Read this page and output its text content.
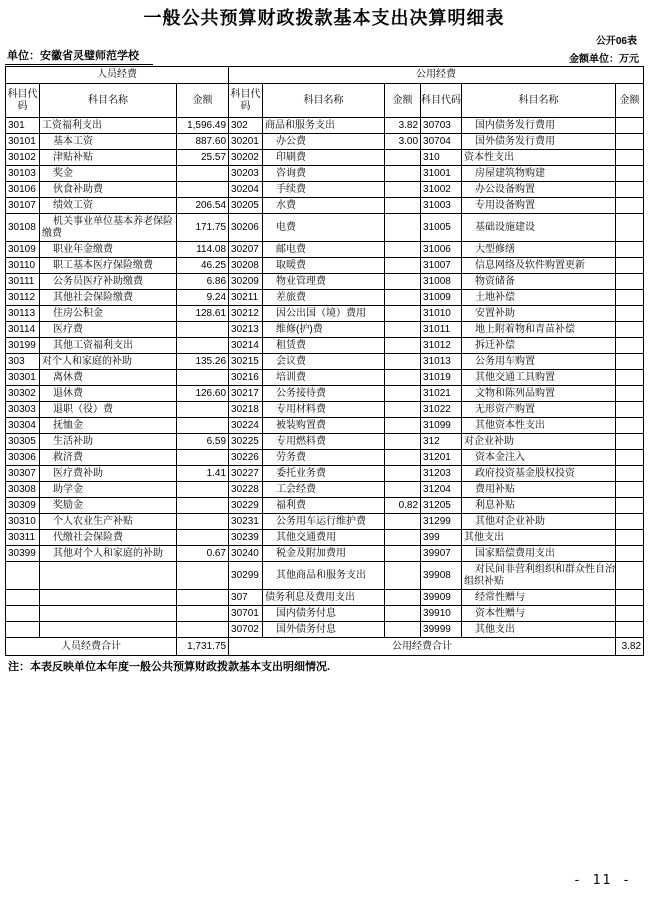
一般公共预算财政拨款基本支出决算明细表
公开06表
单位：安徽省灵璧师范学校	金额单位：万元
人员经费			公用经费					
科目代码	科目名称	金额	科目代码	科目名称	金额	科目代码	科目名称	金额
301	工资福利支出	1,596.49	302	商品和服务支出	3.82	30703	国内债务发行费用	
30101	基本工资	887.60	30201	办公费	3.00	30704	国外债务发行费用	
30102	津贴补贴	25.57	30202	印刷费		310	资本性支出	
30103	奖金		30203	咨询费		31001	房屋建筑物购建	
30106	伙食补助费		30204	手续费		31002	办公设备购置	
30107	绩效工资	206.54	30205	水费		31003	专用设备购置	
30108	机关事业单位基本养老保险缴费	171.75	30206	电费		31005	基础设施建设	
30109	职业年金缴费	114.08	30207	邮电费		31006	大型修缮	
30110	职工基本医疗保险缴费	46.25	30208	取暖费		31007	信息网络及软件购置更新	
30111	公务员医疗补助缴费	6.86	30209	物业管理费		31008	物资储备	
30112	其他社会保险缴费	9.24	30211	差旅费		31009	土地补偿	
30113	住房公积金	128.61	30212	因公出国（境）费用		31010	安置补助	
30114	医疗费		30213	维修(护)费		31011	地上附着物和青苗补偿	
30199	其他工资福利支出		30214	租赁费		31012	拆迁补偿	
303	对个人和家庭的补助	135.26	30215	会议费		31013	公务用车购置	
30301	离休费		30216	培训费		31019	其他交通工具购置	
30302	退休费	126.60	30217	公务接待费		31021	文物和陈列品购置	
30303	退职（役）费		30218	专用材料费		31022	无形资产购置	
30304	抚恤金		30224	被装购置费		31099	其他资本性支出	
30305	生活补助	6.59	30225	专用燃料费		312	对企业补助	
30306	救济费		30226	劳务费		31201	资本金注入	
30307	医疗费补助	1.41	30227	委托业务费		31203	政府投资基金股权投资	
30308	助学金		30228	工会经费		31204	费用补贴	
30309	奖励金		30229	福利费	0.82	31205	利息补贴	
30310	个人农业生产补贴		30231	公务用车运行维护费		31299	其他对企业补助	
30311	代缴社会保险费		30239	其他交通费用		399	其他支出	
30399	其他对个人和家庭的补助	0.67	30240	税金及附加费用		39907	国家赔偿费用支出	
			30299	其他商品和服务支出		39908	对民间非营利组织和群众性自治组织补贴	
			307	债务利息及费用支出		39909	经常性赠与	
			30701	国内债务付息		39910	资本性赠与	
			30702	国外债务付息		39999	其他支出	
人员经费合计		1,731.75	公用经费合计					3.82
注：本表反映单位本年度一般公共预算财政拨款基本支出明细情况.
- 11 -
